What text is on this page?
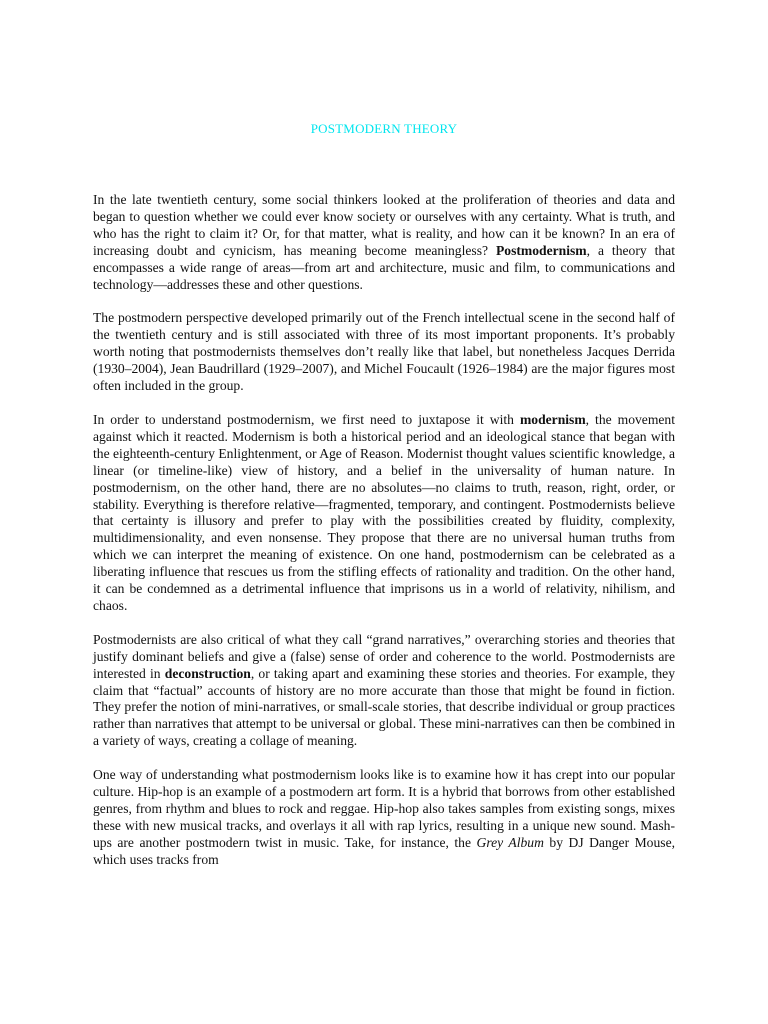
POSTMODERN THEORY
In the late twentieth century, some social thinkers looked at the proliferation of theories and data and began to question whether we could ever know society or ourselves with any certainty. What is truth, and who has the right to claim it? Or, for that matter, what is reality, and how can it be known? In an era of increasing doubt and cynicism, has meaning become meaningless? Postmodernism, a theory that encompasses a wide range of areas—from art and architecture, music and film, to communications and technology—addresses these and other questions.
The postmodern perspective developed primarily out of the French intellectual scene in the second half of the twentieth century and is still associated with three of its most important proponents. It’s probably worth noting that postmodernists themselves don’t really like that label, but nonetheless Jacques Derrida (1930–2004), Jean Baudrillard (1929–2007), and Michel Foucault (1926–1984) are the major figures most often included in the group.
In order to understand postmodernism, we first need to juxtapose it with modernism, the movement against which it reacted. Modernism is both a historical period and an ideological stance that began with the eighteenth-century Enlightenment, or Age of Reason. Modernist thought values scientific knowledge, a linear (or timeline-like) view of history, and a belief in the universality of human nature. In postmodernism, on the other hand, there are no absolutes—no claims to truth, reason, right, order, or stability. Everything is therefore relative—fragmented, temporary, and contingent. Postmodernists believe that certainty is illusory and prefer to play with the possibilities created by fluidity, complexity, multidimensionality, and even nonsense. They propose that there are no universal human truths from which we can interpret the meaning of existence. On one hand, postmodernism can be celebrated as a liberating influence that rescues us from the stifling effects of rationality and tradition. On the other hand, it can be condemned as a detrimental influence that imprisons us in a world of relativity, nihilism, and chaos.
Postmodernists are also critical of what they call “grand narratives,” overarching stories and theories that justify dominant beliefs and give a (false) sense of order and coherence to the world. Postmodernists are interested in deconstruction, or taking apart and examining these stories and theories. For example, they claim that “factual” accounts of history are no more accurate than those that might be found in fiction. They prefer the notion of mini-narratives, or small-scale stories, that describe individual or group practices rather than narratives that attempt to be universal or global. These mini-narratives can then be combined in a variety of ways, creating a collage of meaning.
One way of understanding what postmodernism looks like is to examine how it has crept into our popular culture. Hip-hop is an example of a postmodern art form. It is a hybrid that borrows from other established genres, from rhythm and blues to rock and reggae. Hip-hop also takes samples from existing songs, mixes these with new musical tracks, and overlays it all with rap lyrics, resulting in a unique new sound. Mash-ups are another postmodern twist in music. Take, for instance, the Grey Album by DJ Danger Mouse, which uses tracks from
